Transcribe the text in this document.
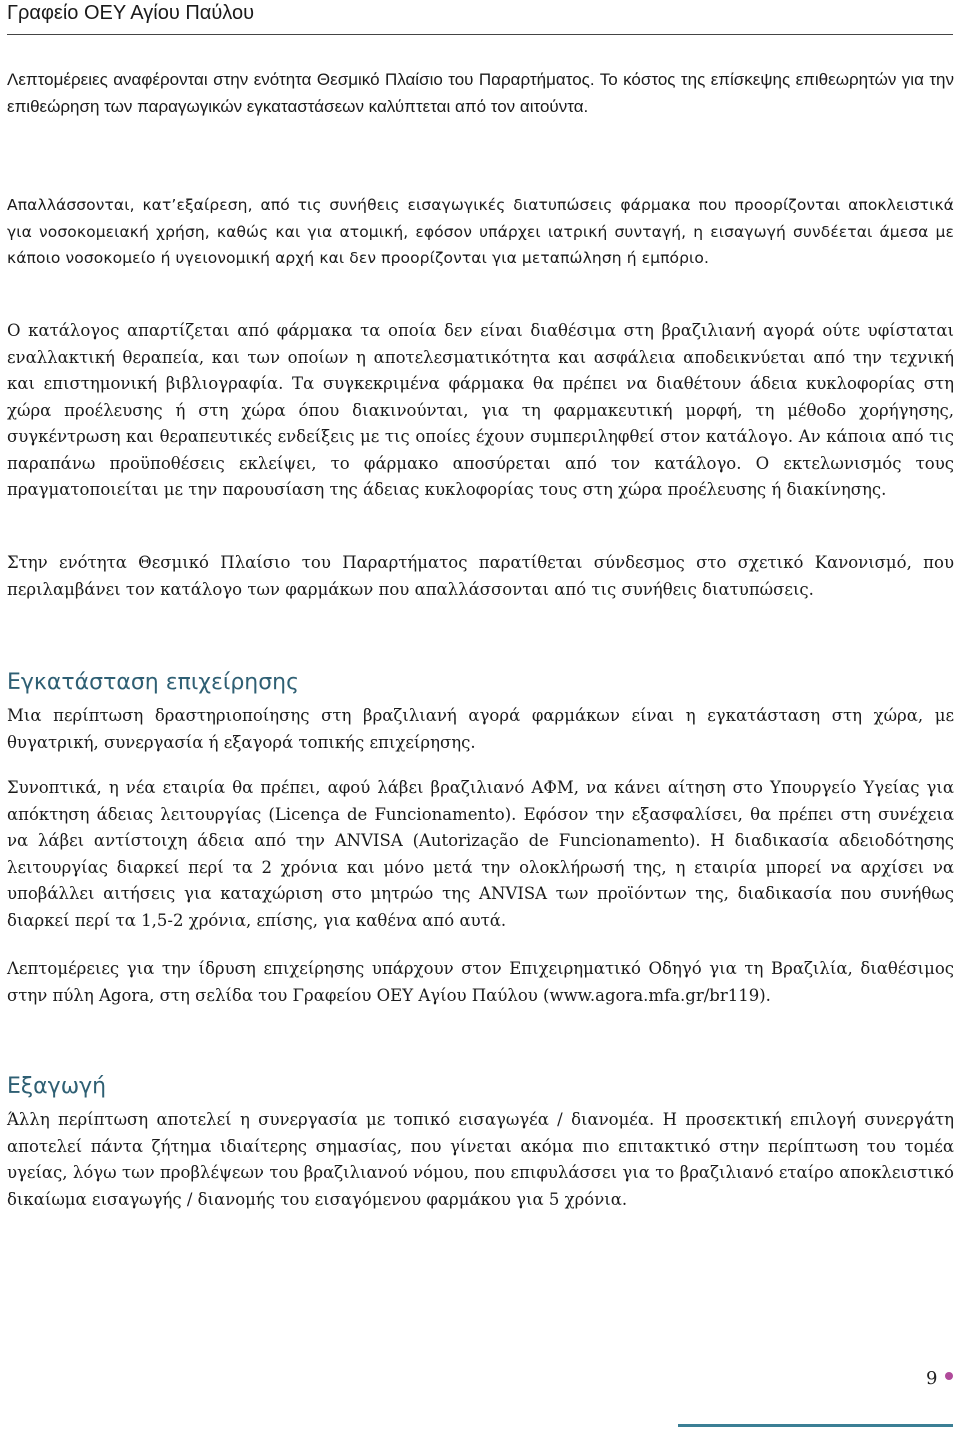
Γραφείο ΟΕΥ Αγίου Παύλου

Λεπτομέρειες αναφέρονται στην ενότητα Θεσμικό Πλαίσιο του Παραρτήματος. Το κόστος της επίσκεψης επιθεωρητών για την επιθεώρηση των παραγωγικών εγκαταστάσεων καλύπτεται από τον αιτούντα.

Απαλλάσσονται, κατ’εξαίρεση, από τις συνήθεις εισαγωγικές διατυπώσεις φάρμακα που προορίζονται αποκλειστικά για νοσοκομειακή χρήση, καθώς και για ατομική, εφόσον υπάρχει ιατρική συνταγή, η εισαγωγή συνδέεται άμεσα με κάποιο νοσοκομείο ή υγειονομική αρχή και δεν προορίζονται για μεταπώληση ή εμπόριο.

Ο κατάλογος απαρτίζεται από φάρμακα τα οποία δεν είναι διαθέσιμα στη βραζιλιανή αγορά ούτε υφίσταται εναλλακτική θεραπεία, και των οποίων η αποτελεσματικότητα και ασφάλεια αποδεικνύεται από την τεχνική και επιστημονική βιβλιογραφία. Τα συγκεκριμένα φάρμακα θα πρέπει να διαθέτουν άδεια κυκλοφορίας στη χώρα προέλευσης ή στη χώρα όπου διακινούνται, για τη φαρμακευτική μορφή, τη μέθοδο χορήγησης, συγκέντρωση και θεραπευτικές ενδείξεις με τις οποίες έχουν συμπεριληφθεί στον κατάλογο. Αν κάποια από τις παραπάνω προϋποθέσεις εκλείψει, το φάρμακο αποσύρεται από τον κατάλογο. Ο εκτελωνισμός τους πραγματοποιείται με την παρουσίαση της άδειας κυκλοφορίας τους στη χώρα προέλευσης ή διακίνησης.

Στην ενότητα Θεσμικό Πλαίσιο του Παραρτήματος παρατίθεται σύνδεσμος στο σχετικό Κανονισμό, που περιλαμβάνει τον κατάλογο των φαρμάκων που απαλλάσσονται από τις συνήθεις διατυπώσεις.

Εγκατάσταση επιχείρησης

Μια περίπτωση δραστηριοποίησης στη βραζιλιανή αγορά φαρμάκων είναι η εγκατάσταση στη χώρα, με θυγατρική, συνεργασία ή εξαγορά τοπικής επιχείρησης.

Συνοπτικά, η νέα εταιρία θα πρέπει, αφού λάβει βραζιλιανό ΑΦΜ, να κάνει αίτηση στο Υπουργείο Υγείας για απόκτηση άδειας λειτουργίας (Licença de Funcionamento). Εφόσον την εξασφαλίσει, θα πρέπει στη συνέχεια να λάβει αντίστοιχη άδεια από την ANVISA (Autorização de Funcionamento). Η διαδικασία αδειοδότησης λειτουργίας διαρκεί περί τα 2 χρόνια και μόνο μετά την ολοκλήρωσή της, η εταιρία μπορεί να αρχίσει να υποβάλλει αιτήσεις για καταχώριση στο μητρώο της ANVISA των προϊόντων της, διαδικασία που συνήθως διαρκεί περί τα 1,5-2 χρόνια, επίσης, για καθένα από αυτά.

Λεπτομέρειες για την ίδρυση επιχείρησης υπάρχουν στον Επιχειρηματικό Οδηγό για τη Βραζιλία, διαθέσιμος στην πύλη Agora, στη σελίδα του Γραφείου ΟΕΥ Αγίου Παύλου (www.agora.mfa.gr/br119).

Εξαγωγή

Άλλη περίπτωση αποτελεί η συνεργασία με τοπικό εισαγωγέα / διανομέα. Η προσεκτική επιλογή συνεργάτη αποτελεί πάντα ζήτημα ιδιαίτερης σημασίας, που γίνεται ακόμα πιο επιτακτικό στην περίπτωση του τομέα υγείας, λόγω των προβλέψεων του βραζιλιανού νόμου, που επιφυλάσσει για το βραζιλιανό εταίρο αποκλειστικό δικαίωμα εισαγωγής / διανομής του εισαγόμενου φαρμάκου για 5 χρόνια.

9
